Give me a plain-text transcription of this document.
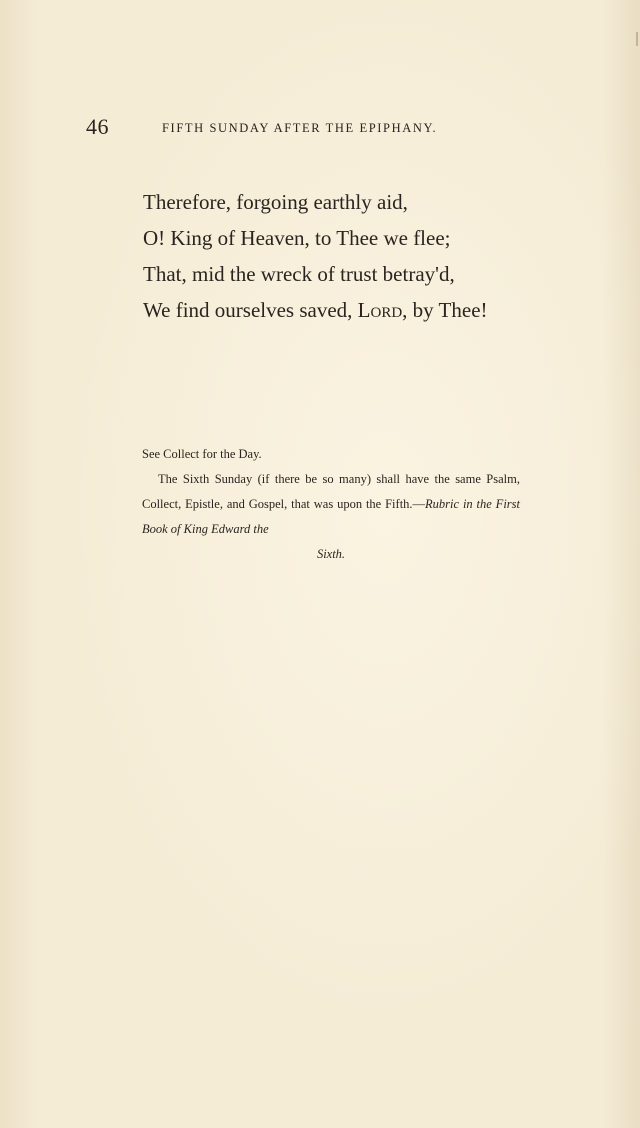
46	FIFTH SUNDAY AFTER THE EPIPHANY.
Therefore, forgoing earthly aid,
O! King of Heaven, to Thee we flee;
That, mid the wreck of trust betray'd,
We find ourselves saved, Lord, by Thee!
See Collect for the Day.
The Sixth Sunday (if there be so many) shall have the same Psalm, Collect, Epistle, and Gospel, that was upon the Fifth.—Rubric in the First Book of King Edward the
Sixth.
